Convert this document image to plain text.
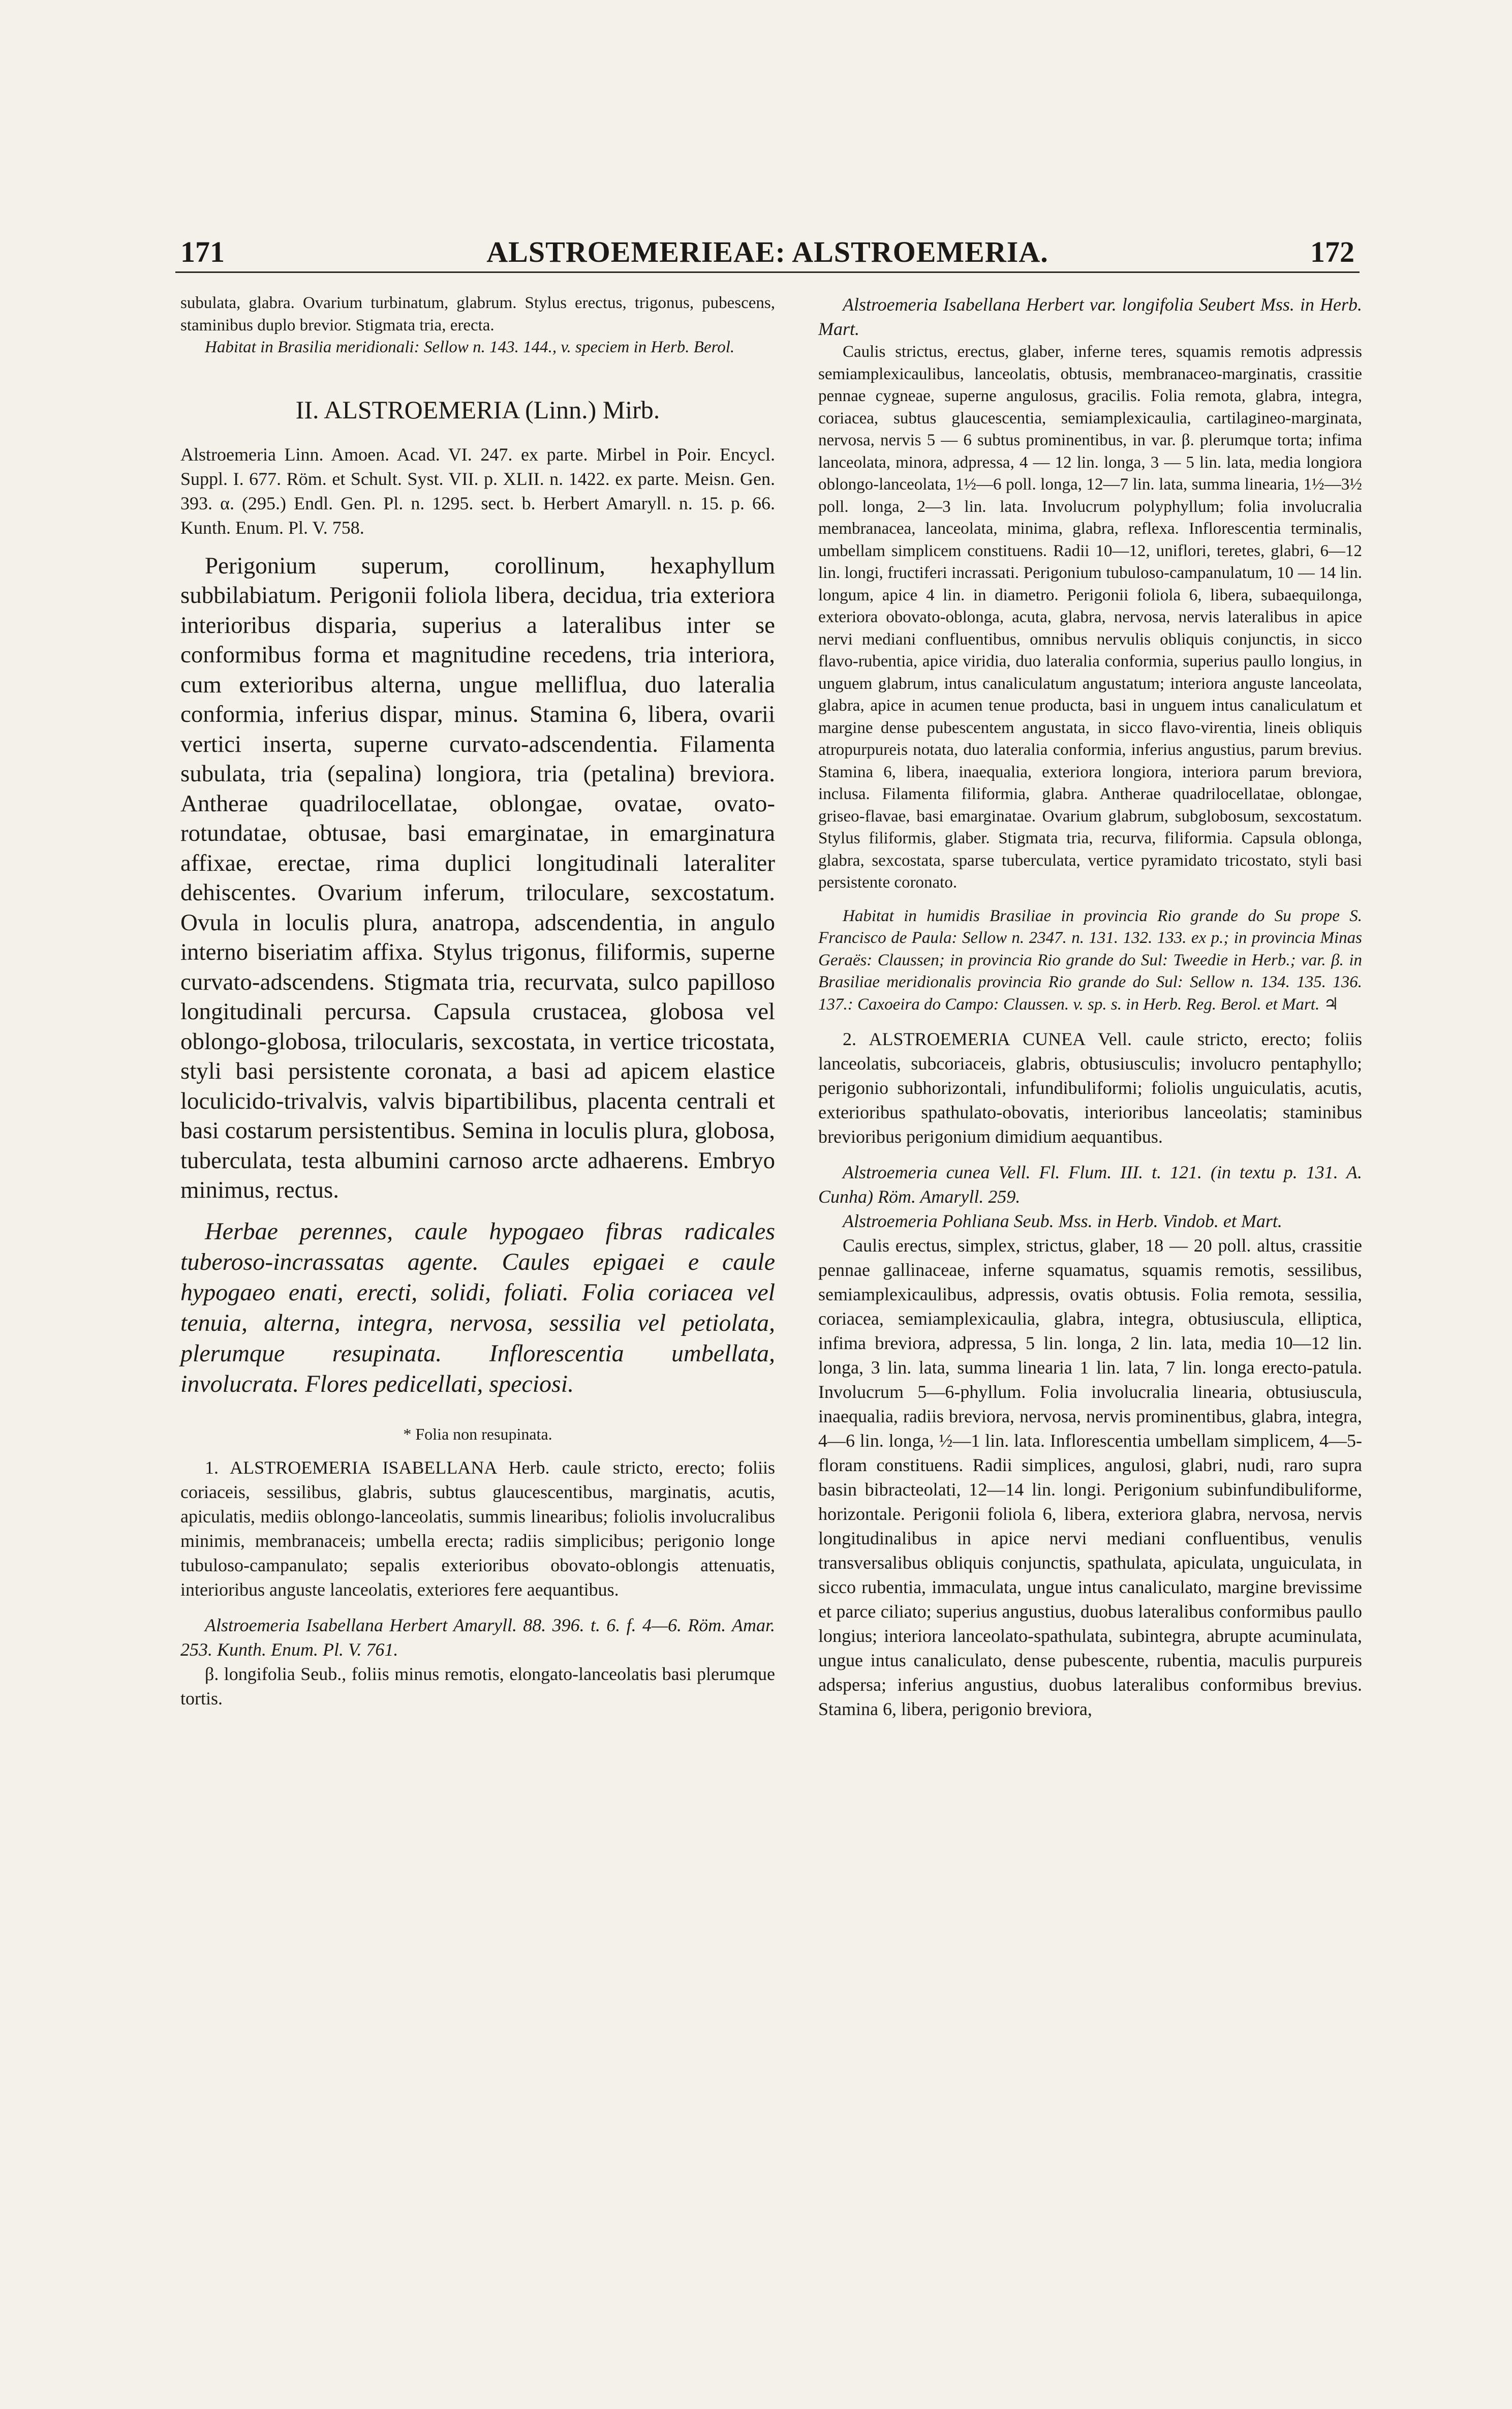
171	ALSTROEMERIEAE: ALSTROEMERIA.	172

subulata, glabra. Ovarium turbinatum, glabrum. Stylus erectus, trigonus, pubescens, staminibus duplo brevior. Stigmata tria, erecta.

Habitat in Brasilia meridionali: Sellow n. 143. 144., v. speciem in Herb. Berol.

II. ALSTROEMERIA (Linn.) Mirb.

Alstroemeria Linn. Amoen. Acad. VI. 247. ex parte. Mirbel in Poir. Encycl. Suppl. I. 677. Röm. et Schult. Syst. VII. p. XLII. n. 1422. ex parte. Meisn. Gen. 393. α. (295.) Endl. Gen. Pl. n. 1295. sect. b. Herbert Amaryll. n. 15. p. 66. Kunth. Enum. Pl. V. 758.

Perigonium superum, corollinum, hexaphyllum subbilabiatum. Perigonii foliola libera, decidua, tria exteriora interioribus disparia, superius a lateralibus inter se conformibus forma et magnitudine recedens, tria interiora, cum exterioribus alterna, ungue melliflua, duo lateralia conformia, inferius dispar, minus. Stamina 6, libera, ovarii vertici inserta, superne curvato-adscendentia. Filamenta subulata, tria (sepalina) longiora, tria (petalina) breviora. Antherae quadrilocellatae, oblongae, ovatae, ovato-rotundatae, obtusae, basi emarginatae, in emarginatura affixae, erectae, rima duplici longitudinali lateraliter dehiscentes. Ovarium inferum, triloculare, sexcostatum. Ovula in loculis plura, anatropa, adscendentia, in angulo interno biseriatim affixa. Stylus trigonus, filiformis, superne curvato-adscendens. Stigmata tria, recurvata, sulco papilloso longitudinali percursa. Capsula crustacea, globosa vel oblongo-globosa, trilocularis, sexcostata, in vertice tricostata, styli basi persistente coronata, a basi ad apicem elastice loculicido-trivalvis, valvis bipartibilibus, placenta centrali et basi costarum persistentibus. Semina in loculis plura, globosa, tuberculata, testa albumini carnoso arcte adhaerens. Embryo minimus, rectus.

Herbae perennes, caule hypogaeo fibras radicales tuberoso-incrassatas agente. Caules epigaei e caule hypogaeo enati, erecti, solidi, foliati. Folia coriacea vel tenuia, alterna, integra, nervosa, sessilia vel petiolata, plerumque resupinata. Inflorescentia umbellata, involucrata. Flores pedicellati, speciosi.

* Folia non resupinata.

1. ALSTROEMERIA ISABELLANA Herb. caule stricto, erecto; foliis coriaceis, sessilibus, glabris, subtus glaucescentibus, marginatis, acutis, apiculatis, mediis oblongo-lanceolatis, summis linearibus; foliolis involucralibus minimis, membranaceis; umbella erecta; radiis simplicibus; perigonio longe tubuloso-campanulato; sepalis exterioribus obovato-oblongis attenuatis, interioribus anguste lanceolatis, exteriores fere aequantibus.

Alstroemeria Isabellana Herbert Amaryll. 88. 396. t. 6. f. 4—6. Röm. Amar. 253. Kunth. Enum. Pl. V. 761.

β. longifolia Seub., foliis minus remotis, elongato-lanceolatis basi plerumque tortis.

Alstroemeria Isabellana Herbert var. longifolia Seubert Mss. in Herb. Mart.

Caulis strictus, erectus, glaber, inferne teres, squamis remotis adpressis semiamplexicaulibus, lanceolatis, obtusis, membranaceo-marginatis, crassitie pennae cygneae, superne angulosus, gracilis. Folia remota, glabra, integra, coriacea, subtus glaucescentia, semiamplexicaulia, cartilagineo-marginata, nervosa, nervis 5 — 6 subtus prominentibus, in var. β. plerumque torta; infima lanceolata, minora, adpressa, 4 — 12 lin. longa, 3 — 5 lin. lata, media longiora oblongo-lanceolata, 1½—6 poll. longa, 12—7 lin. lata, summa linearia, 1½—3½ poll. longa, 2—3 lin. lata. Involucrum polyphyllum; folia involucralia membranacea, lanceolata, minima, glabra, reflexa. Inflorescentia terminalis, umbellam simplicem constituens. Radii 10—12, uniflori, teretes, glabri, 6—12 lin. longi, fructiferi incrassati. Perigonium tubuloso-campanulatum, 10 — 14 lin. longum, apice 4 lin. in diametro. Perigonii foliola 6, libera, subaequilonga, exteriora obovato-oblonga, acuta, glabra, nervosa, nervis lateralibus in apice nervi mediani confluentibus, omnibus nervulis obliquis conjunctis, in sicco flavo-rubentia, apice viridia, duo lateralia conformia, superius paullo longius, in unguem glabrum, intus canaliculatum angustatum; interiora anguste lanceolata, glabra, apice in acumen tenue producta, basi in unguem intus canaliculatum et margine dense pubescentem angustata, in sicco flavo-virentia, lineis obliquis atropurpureis notata, duo lateralia conformia, inferius angustius, parum brevius. Stamina 6, libera, inaequalia, exteriora longiora, interiora parum breviora, inclusa. Filamenta filiformia, glabra. Antherae quadrilocellatae, oblongae, griseo-flavae, basi emarginatae. Ovarium glabrum, subglobosum, sexcostatum. Stylus filiformis, glaber. Stigmata tria, recurva, filiformia. Capsula oblonga, glabra, sexcostata, sparse tuberculata, vertice pyramidato tricostato, styli basi persistente coronato.

Habitat in humidis Brasiliae in provincia Rio grande do Su prope S. Francisco de Paula: Sellow n. 2347. n. 131. 132. 133. ex p.; in provincia Minas Geraës: Claussen; in provincia Rio grande do Sul: Tweedie in Herb.; var. β. in Brasiliae meridionalis provincia Rio grande do Sul: Sellow n. 134. 135. 136. 137.: Caxoeira do Campo: Claussen. v. sp. s. in Herb. Reg. Berol. et Mart. ♃

2. ALSTROEMERIA CUNEA Vell. caule stricto, erecto; foliis lanceolatis, subcoriaceis, glabris, obtusiusculis; involucro pentaphyllo; perigonio subhorizontali, infundibuliformi; foliolis unguiculatis, acutis, exterioribus spathulato-obovatis, interioribus lanceolatis; staminibus brevioribus perigonium dimidium aequantibus.

Alstroemeria cunea Vell. Fl. Flum. III. t. 121. (in textu p. 131. A. Cunha) Röm. Amaryll. 259.

Alstroemeria Pohliana Seub. Mss. in Herb. Vindob. et Mart.

Caulis erectus, simplex, strictus, glaber, 18 — 20 poll. altus, crassitie pennae gallinaceae, inferne squamatus, squamis remotis, sessilibus, semiamplexicaulibus, adpressis, ovatis obtusis. Folia remota, sessilia, coriacea, semiamplexicaulia, glabra, integra, obtusiuscula, elliptica, infima breviora, adpressa, 5 lin. longa, 2 lin. lata, media 10—12 lin. longa, 3 lin. lata, summa linearia 1 lin. lata, 7 lin. longa erecto-patula. Involucrum 5—6-phyllum. Folia involucralia linearia, obtusiuscula, inaequalia, radiis breviora, nervosa, nervis prominentibus, glabra, integra, 4—6 lin. longa, ½—1 lin. lata. Inflorescentia umbellam simplicem, 4—5-floram constituens. Radii simplices, angulosi, glabri, nudi, raro supra basin bibracteolati, 12—14 lin. longi. Perigonium subinfundibuliforme, horizontale. Perigonii foliola 6, libera, exteriora glabra, nervosa, nervis longitudinalibus in apice nervi mediani confluentibus, venulis transversalibus obliquis conjunctis, spathulata, apiculata, unguiculata, in sicco rubentia, immaculata, ungue intus canaliculato, margine brevissime et parce ciliato; superius angustius, duobus lateralibus conformibus paullo longius; interiora lanceolato-spathulata, subintegra, abrupte acuminulata, ungue intus canaliculato, dense pubescente, rubentia, maculis purpureis adspersa; inferius angustius, duobus lateralibus conformibus brevius. Stamina 6, libera, perigonio breviora,
